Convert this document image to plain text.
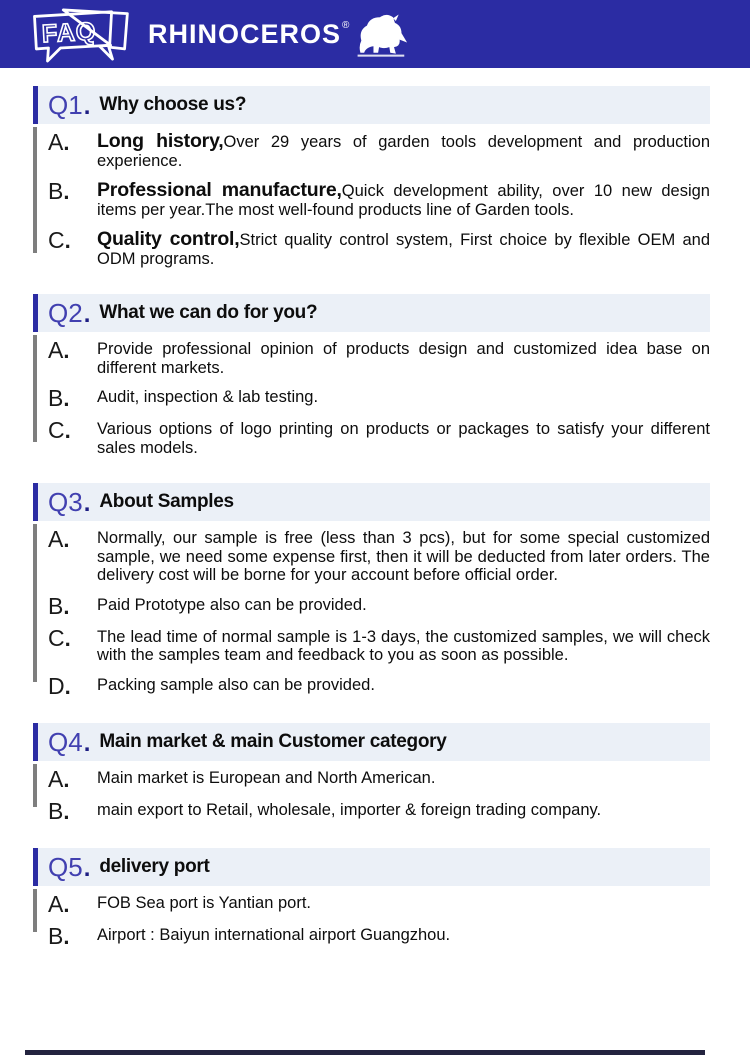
FAQ RHINOCEROS ®
Q1 . Why choose us?
A.	Long history,Over 29 years of garden tools development and production experience.
B.	Professional manufacture,Quick development ability, over 10 new design items per year.The most well-found products line of Garden tools.
C.	Quality control,Strict quality control system, First choice by flexible OEM and ODM programs.
Q2 . What we can do for you?
A.	Provide professional opinion of products design and customized idea base on different markets.
B.	Audit, inspection & lab testing.
C.	Various options of logo printing on products or packages to satisfy your different sales models.
Q3 . About Samples
A.	Normally, our sample is free (less than 3 pcs), but for some special customized sample, we need some expense first, then it will be deducted from later orders. The delivery cost will be borne for your account before official order.
B.	Paid Prototype also can be provided.
C.	The lead time of normal sample is 1-3 days, the customized samples, we will check with the samples team and feedback to you as soon as possible.
D.	Packing sample also can be provided.
Q4 . Main market & main Customer category
A.	Main market is European and North American.
B.	main export to Retail, wholesale, importer & foreign trading company.
Q5 . delivery port
A.	FOB Sea port is Yantian port.
B.	Airport : Baiyun international airport Guangzhou.
